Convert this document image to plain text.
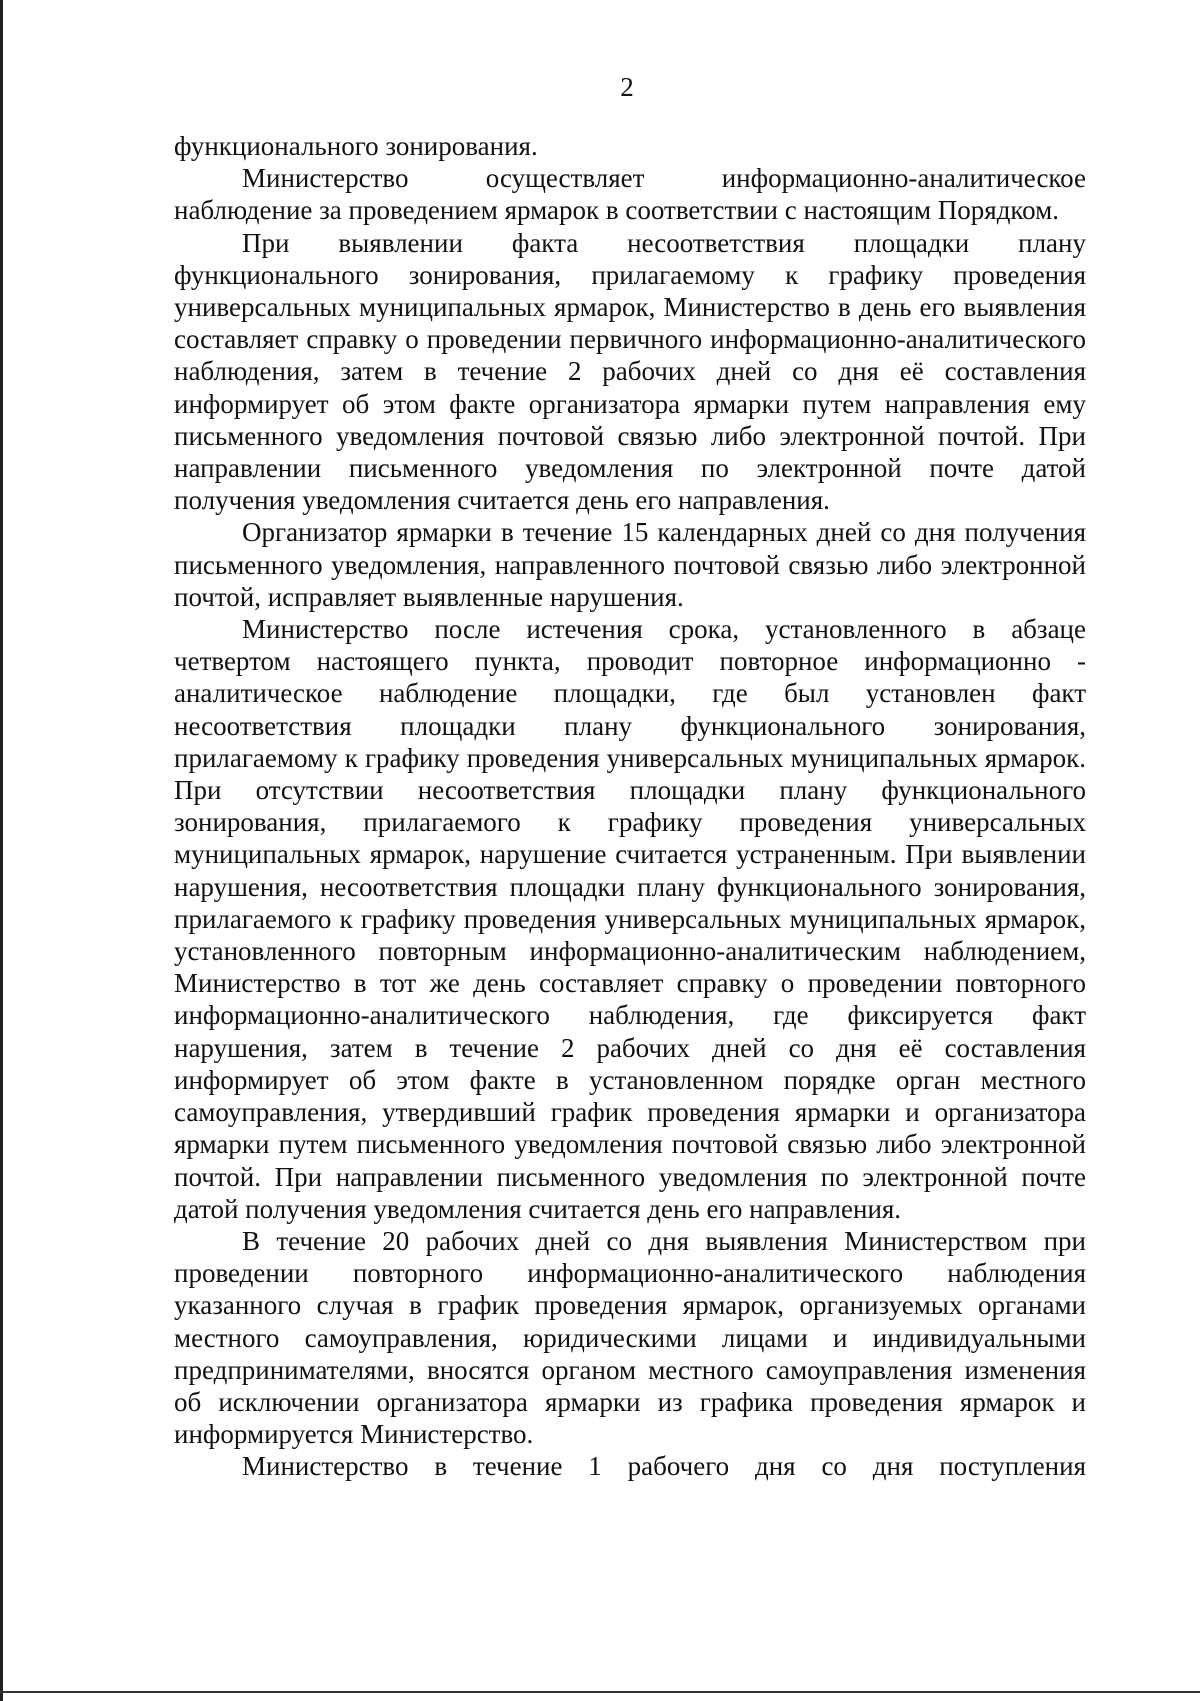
2

функционального зонирования.

Министерство осуществляет информационно-аналитическое наблюдение за проведением ярмарок в соответствии с настоящим Порядком.

При выявлении факта несоответствия площадки плану функционального зонирования, прилагаемому к графику проведения универсальных муниципальных ярмарок, Министерство в день его выявления составляет справку о проведении первичного информационно-аналитического наблюдения, затем в течение 2 рабочих дней со дня её составления информирует об этом факте организатора ярмарки путем направления ему письменного уведомления почтовой связью либо электронной почтой. При направлении письменного уведомления по электронной почте датой получения уведомления считается день его направления.

Организатор ярмарки в течение 15 календарных дней со дня получения письменного уведомления, направленного почтовой связью либо электронной почтой, исправляет выявленные нарушения.

Министерство после истечения срока, установленного в абзаце четвертом настоящего пункта, проводит повторное информационно - аналитическое наблюдение площадки, где был установлен факт несоответствия площадки плану функционального зонирования, прилагаемому к графику проведения универсальных муниципальных ярмарок. При отсутствии несоответствия площадки плану функционального зонирования, прилагаемого к графику проведения универсальных муниципальных ярмарок, нарушение считается устраненным. При выявлении нарушения, несоответствия площадки плану функционального зонирования, прилагаемого к графику проведения универсальных муниципальных ярмарок, установленного повторным информационно-аналитическим наблюдением, Министерство в тот же день составляет справку о проведении повторного информационно-аналитического наблюдения, где фиксируется факт нарушения, затем в течение 2 рабочих дней со дня её составления информирует об этом факте в установленном порядке орган местного самоуправления, утвердивший график проведения ярмарки и организатора ярмарки путем письменного уведомления почтовой связью либо электронной почтой. При направлении письменного уведомления по электронной почте датой получения уведомления считается день его направления.

В течение 20 рабочих дней со дня выявления Министерством при проведении повторного информационно-аналитического наблюдения указанного случая в график проведения ярмарок, организуемых органами местного самоуправления, юридическими лицами и индивидуальными предпринимателями, вносятся органом местного самоуправления изменения об исключении организатора ярмарки из графика проведения ярмарок и информируется Министерство.

Министерство в течение 1 рабочего дня со дня поступления
